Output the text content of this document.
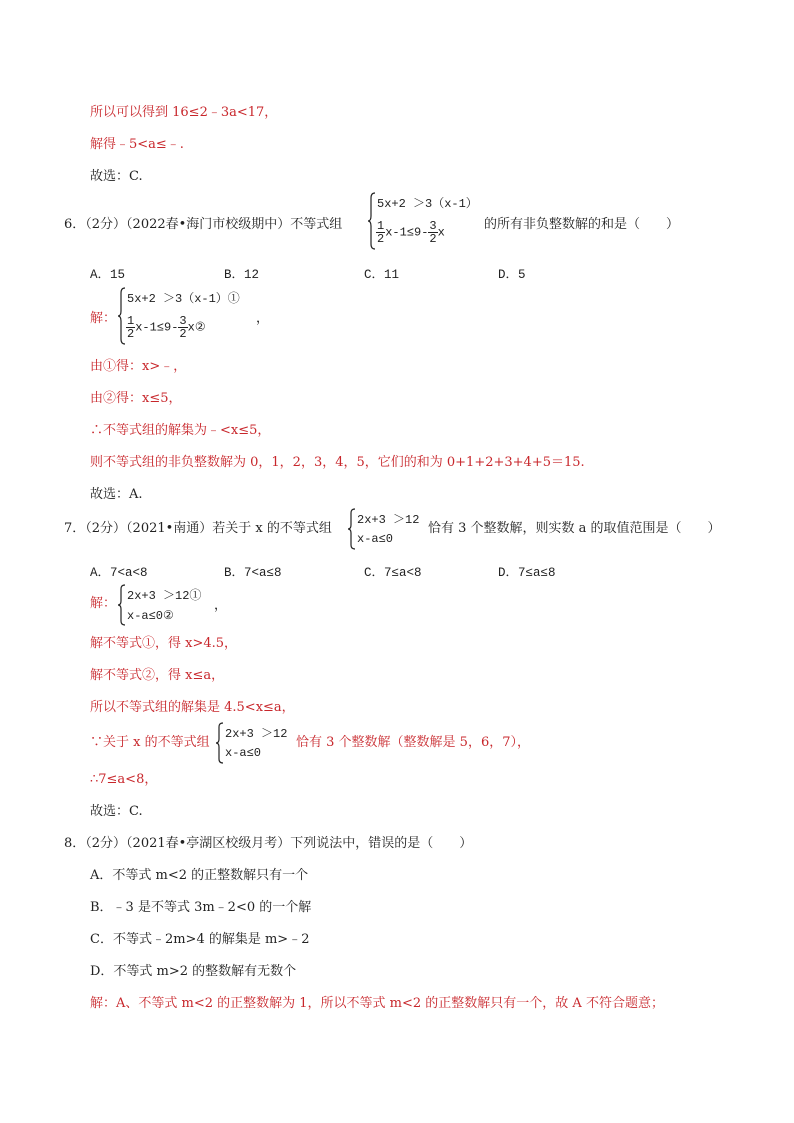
所以可以得到 16≤2﹣3a<17，
解得﹣5<a≤﹣.
故选：C.
6．（2分）（2022春•海门市校级期中）不等式组
5x+2 ＞3（x-1）
$\frac{1}{2} x-1\le 9- \frac{3}{2}$ x
的所有非负整数解的和是（　　）
A．15	B．12	C．11	D．5
解：
5x+2 ＞3（x-1）①
$\frac{1}{2} x-1\le 9- \frac{3}{2}$ x②
，
由①得：x>﹣，
由②得：x≤5，
∴不等式组的解集为﹣<x≤5，
则不等式组的非负整数解为 0，1，2，3，4，5，它们的和为 0+1+2+3+4+5＝15.
故选：A.
7．（2分）（2021•南通）若关于 x 的不等式组
2x+3 ＞12
x-a≤0
恰有 3 个整数解，则实数 a 的取值范围是（　　）
A．7<a<8	B．7<a≤8	C．7≤a<8	D．7≤a≤8
解： 2x+3 ＞12①
x-a≤0②
，
解不等式①，得 x>4.5，
解不等式②，得 x≤a，
所以不等式组的解集是 4.5<x≤a，
∵关于 x 的不等式组
2x+3 ＞12
x-a≤0
恰有 3 个整数解（整数解是 5，6，7），
∴7≤a<8，
故选：C.
8．（2分）（2021春•亭湖区校级月考）下列说法中，错误的是（　　）
A．不等式 m<2 的正整数解只有一个
B．﹣3 是不等式 3m﹣2<0 的一个解
C．不等式﹣2m>4 的解集是 m>﹣2
D．不等式 m>2 的整数解有无数个
解：A、不等式 m<2 的正整数解为 1，所以不等式 m<2 的正整数解只有一个，故 A 不符合题意；
